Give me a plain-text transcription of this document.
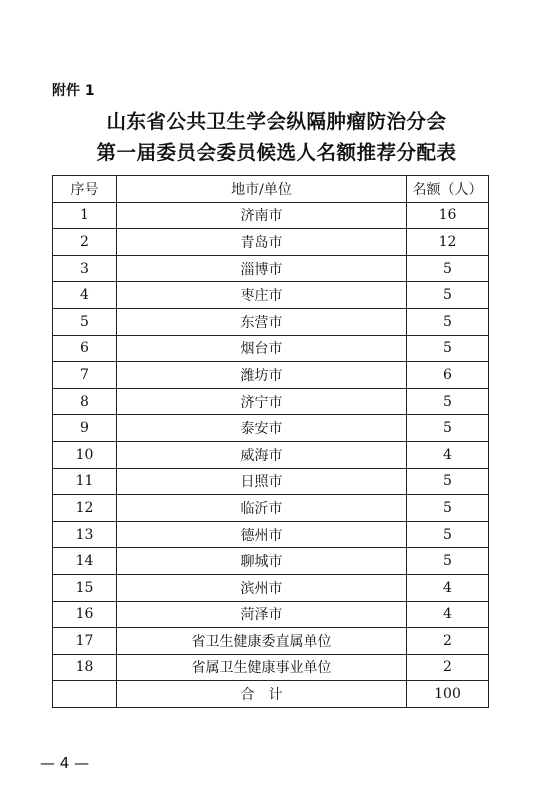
附件 1
山东省公共卫生学会纵隔肿瘤防治分会
第一届委员会委员候选人名额推荐分配表
序号	地市/单位	名额（人）
1	济南市	16
2	青岛市	12
3	淄博市	5
4	枣庄市	5
5	东营市	5
6	烟台市	5
7	潍坊市	6
8	济宁市	5
9	泰安市	5
10	威海市	4
11	日照市	5
12	临沂市	5
13	德州市	5
14	聊城市	5
15	滨州市	4
16	菏泽市	4
17	省卫生健康委直属单位	2
18	省属卫生健康事业单位	2
	合计	100
— 4 —
